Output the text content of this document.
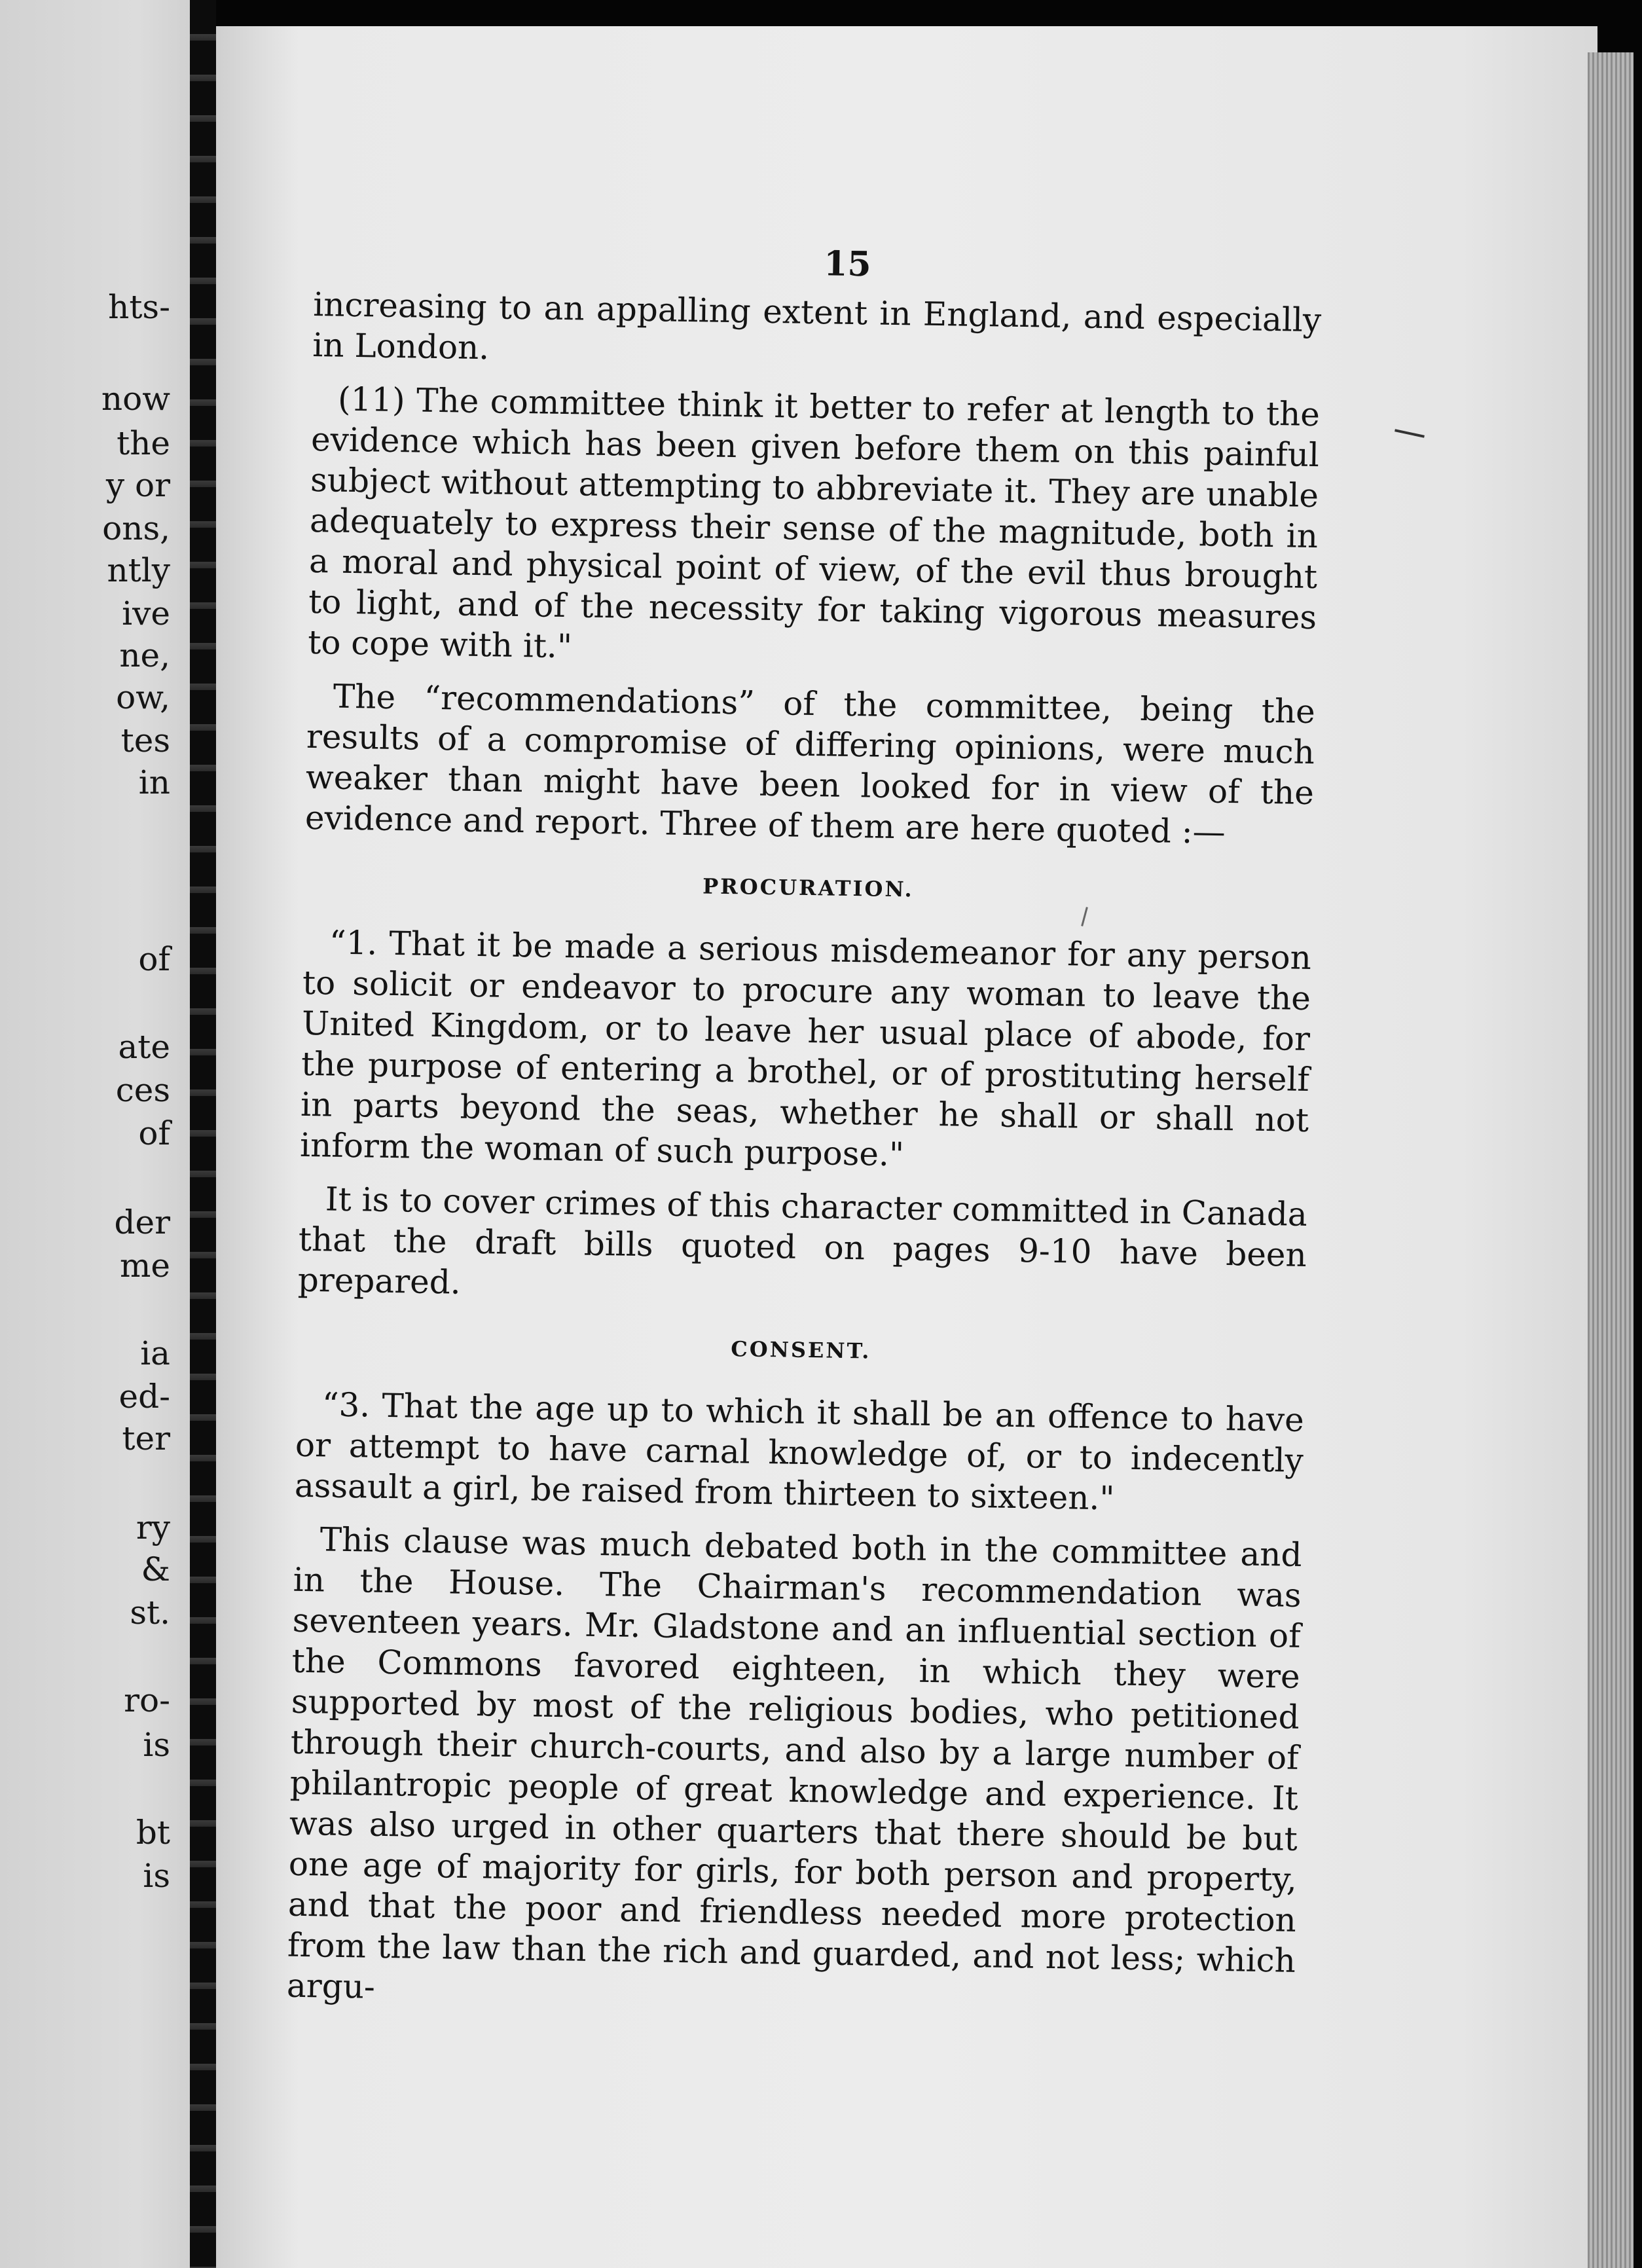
hts-
now
the
y or
ons,
ntly
ive
ne,
ow,
tes
in
of
ate
ces
of
der
me
ia
ed-
ter
ry
&
st.
ro-
is
bt
is
15

increasing to an appalling extent in England, and especially in London.

(11) The committee think it better to refer at length to the evidence which has been given before them on this painful subject without attempting to abbreviate it. They are unable adequately to express their sense of the magnitude, both in a moral and physical point of view, of the evil thus brought to light, and of the necessity for taking vigorous measures to cope with it."

The “recommendations” of the committee, being the results of a compromise of differing opinions, were much weaker than might have been looked for in view of the evidence and report. Three of them are here quoted :—

PROCURATION.

“1. That it be made a serious misdemeanor for any person to solicit or endeavor to procure any woman to leave the United Kingdom, or to leave her usual place of abode, for the purpose of entering a brothel, or of prostituting herself in parts beyond the seas, whether he shall or shall not inform the woman of such purpose."

It is to cover crimes of this character committed in Canada that the draft bills quoted on pages 9-10 have been prepared.

CONSENT.

“3. That the age up to which it shall be an offence to have or attempt to have carnal knowledge of, or to indecently assault a girl, be raised from thirteen to sixteen."

This clause was much debated both in the committee and in the House. The Chairman's recommendation was seventeen years. Mr. Gladstone and an influential section of the Commons favored eighteen, in which they were supported by most of the religious bodies, who petitioned through their church-courts, and also by a large number of philantropic people of great knowledge and experience. It was also urged in other quarters that there should be but one age of majority for girls, for both person and property, and that the poor and friendless needed more protection from the law than the rich and guarded, and not less; which argu-
